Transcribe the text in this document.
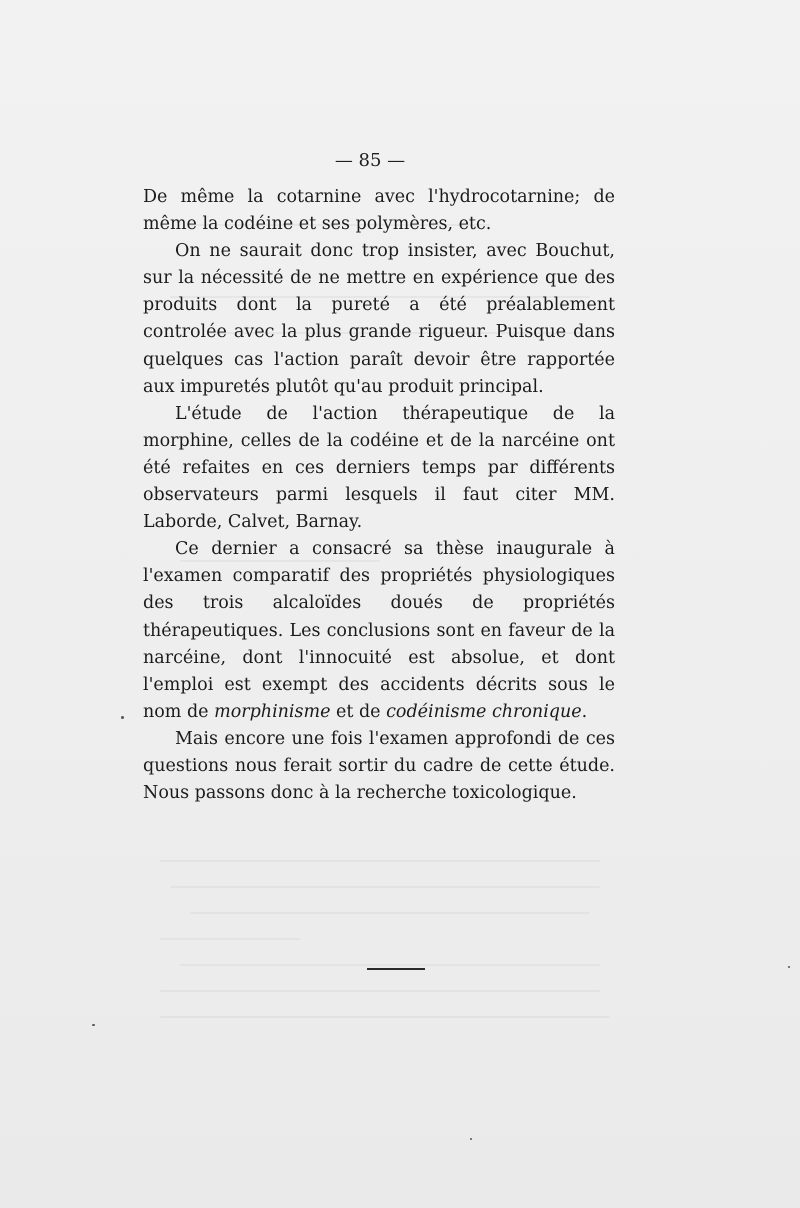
— 85 —

De même la cotarnine avec l'hydrocotarnine; de même la codéine et ses polymères, etc.

On ne saurait donc trop insister, avec Bouchut, sur la nécessité de ne mettre en expérience que des produits dont la pureté a été préalablement controlée avec la plus grande rigueur. Puisque dans quelques cas l'action paraît devoir être rapportée aux impuretés plutôt qu'au produit principal.

L'étude de l'action thérapeutique de la morphine, celles de la codéine et de la narcéine ont été refaites en ces derniers temps par différents observateurs parmi lesquels il faut citer MM. Laborde, Calvet, Barnay.

Ce dernier a consacré sa thèse inaugurale à l'examen comparatif des propriétés physiologiques des trois alcaloïdes doués de propriétés thérapeutiques. Les conclusions sont en faveur de la narcéine, dont l'innocuité est absolue, et dont l'emploi est exempt des accidents décrits sous le nom de morphinisme et de codéinisme chronique.

Mais encore une fois l'examen approfondi de ces questions nous ferait sortir du cadre de cette étude. Nous passons donc à la recherche toxicologique.
